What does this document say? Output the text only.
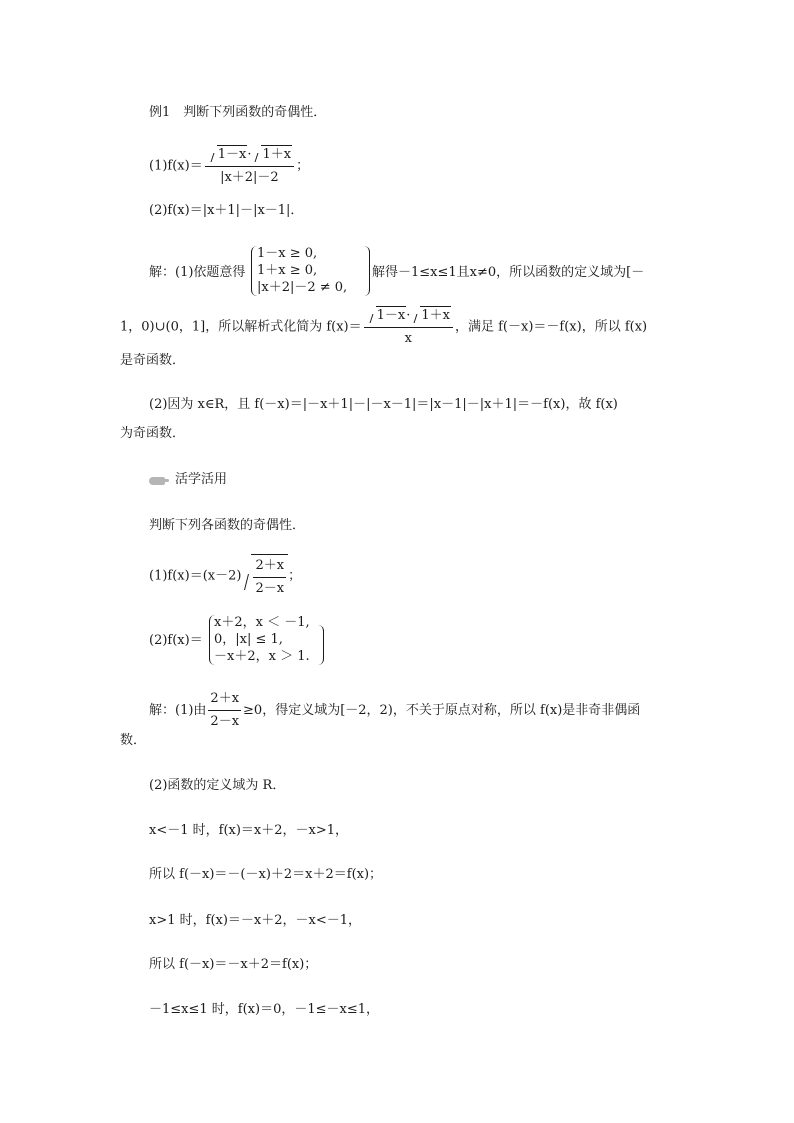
例1　判断下列函数的奇偶性．
$(1)f(x)= \frac{1-x\cdot 1+x}{|x+2|-2}$ ；
(2)f(x)＝|x＋1|－|x－1|．
解：(1)依题意得
1－x ≥ 0,
1＋x ≥ 0,
|x＋2|－2 ≠ 0,
解得－1≤x≤1且x≠0，所以函数的定义域为[－
1，0)∪(0，1]，所以解析式化简为 $f(x)= \frac{1-x\cdot 1+x}{x}$ ，满足 f(－x)＝－f(x)，所以 f(x)
是奇函数．
(2)因为 x∈R，且 f(－x)＝|－x＋1|－|－x－1|＝|x－1|－|x＋1|＝－f(x)，故 f(x)
为奇函数．
活学活用
判断下列各函数的奇偶性．
$(1)f(x)=(x-2) \frac{2+x}{2-x}$ ；
(2)f(x)＝
x＋2，x ＜ －1,
0，|x| ≤ 1,
－x＋2，x ＞ 1.
解：(1)由 $\frac{2+x}{2-x} \ge 0$，得定义域为[－2，2)，不关于原点对称，所以 f(x)是非奇非偶函
数．
(2)函数的定义域为 R．
x<－1 时，f(x)＝x＋2，－x>1，
所以 f(－x)＝－(－x)＋2＝x＋2＝f(x)；
x>1 时，f(x)＝－x＋2，－x<－1，
所以 f(－x)＝－x＋2＝f(x)；
－1≤x≤1 时，f(x)＝0，－1≤－x≤1，
